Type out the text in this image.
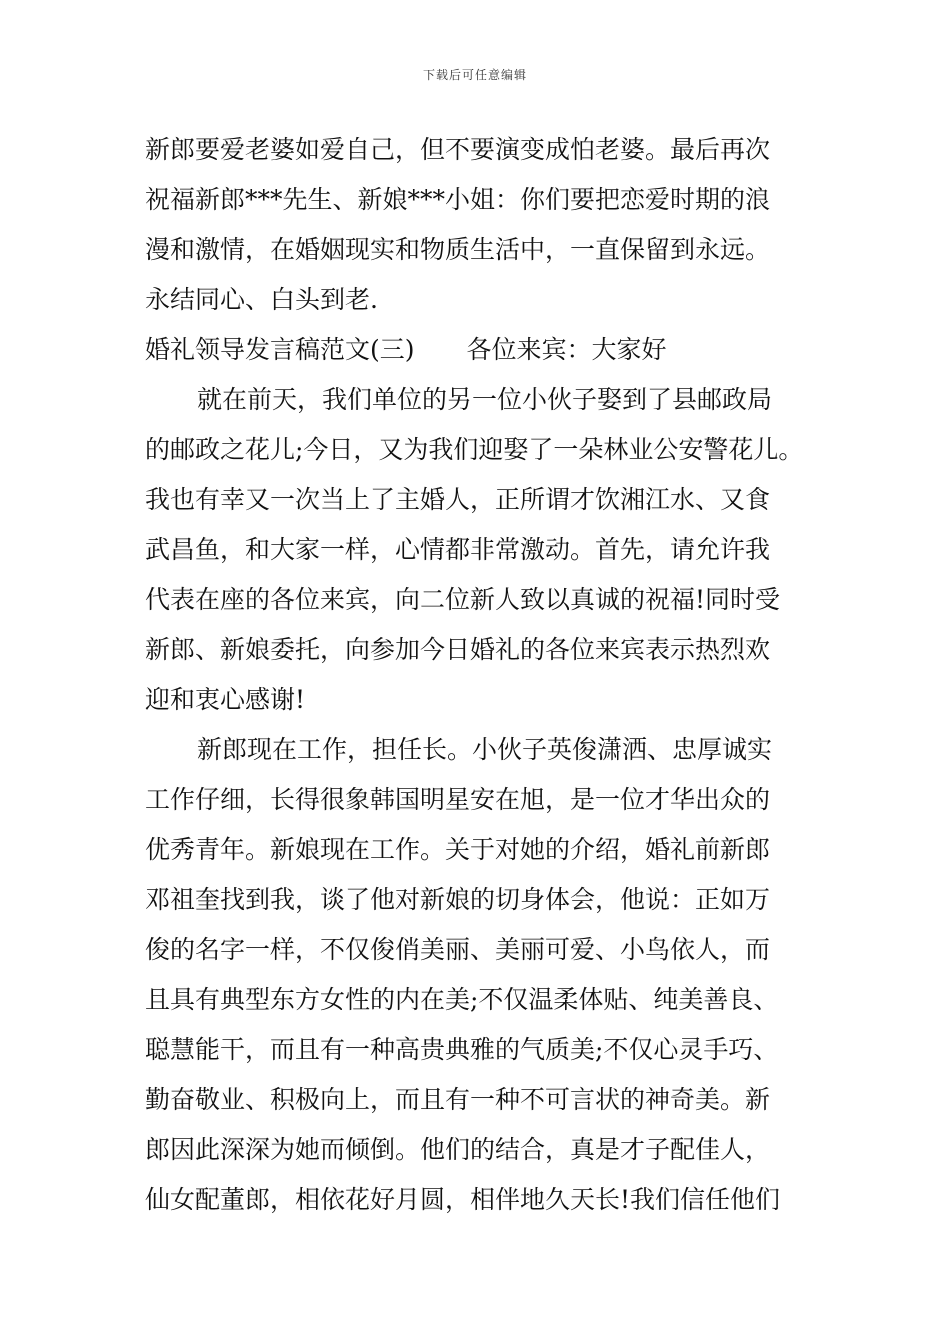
下载后可任意编辑
新郎要爱老婆如爱自己，但不要演变成怕老婆。最后再次
祝福新郎***先生、新娘***小姐：你们要把恋爱时期的浪
漫和激情，在婚姻现实和物质生活中，一直保留到永远。
永结同心、白头到老.
婚礼领导发言稿范文(三) 各位来宾：大家好
就在前天，我们单位的另一位小伙子娶到了县邮政局
的邮政之花儿;今日，又为我们迎娶了一朵林业公安警花儿。
我也有幸又一次当上了主婚人，正所谓才饮湘江水、又食
武昌鱼，和大家一样，心情都非常激动。首先，请允许我
代表在座的各位来宾，向二位新人致以真诚的祝福!同时受
新郎、新娘委托，向参加今日婚礼的各位来宾表示热烈欢
迎和衷心感谢!
新郎现在工作，担任长。小伙子英俊潇洒、忠厚诚实
工作仔细，长得很象韩国明星安在旭，是一位才华出众的
优秀青年。新娘现在工作。关于对她的介绍，婚礼前新郎
邓祖奎找到我，谈了他对新娘的切身体会，他说：正如万
俊的名字一样，不仅俊俏美丽、美丽可爱、小鸟依人，而
且具有典型东方女性的内在美;不仅温柔体贴、纯美善良、
聪慧能干，而且有一种高贵典雅的气质美;不仅心灵手巧、
勤奋敬业、积极向上，而且有一种不可言状的神奇美。新
郎因此深深为她而倾倒。他们的结合，真是才子配佳人，
仙女配董郎，相依花好月圆，相伴地久天长!我们信任他们
